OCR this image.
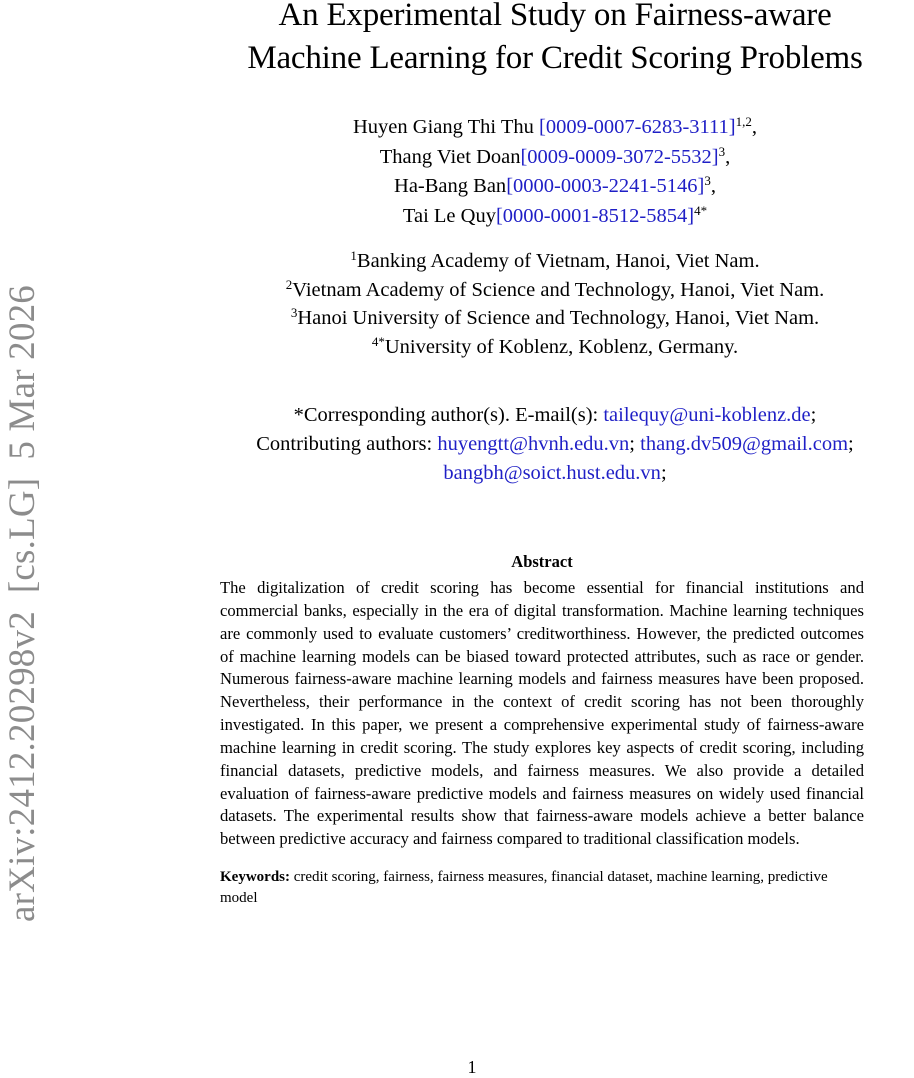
arXiv:2412.20298v2[cs.LG]5 Mar 2026
An Experimental Study on Fairness-aware
Machine Learning for Credit Scoring Problems
Huyen Giang Thi Thu $[0009-0007-6283-3111]^{1,2}$,
Thang Viet $Doan[0009-0009-3072-5532]^3$,
Ha-Bang $Ban[0000-0003-2241-5146]^3$,
Tai Le $Quy[0000-0001-8512-5854]^{4*}$
$^1$Banking Academy of Vietnam, Hanoi, Viet Nam.
$^2$Vietnam Academy of Science and Technology, Hanoi, Viet Nam.
$^3$Hanoi University of Science and Technology, Hanoi, Viet Nam.
$^{4*}$University of Koblenz, Koblenz, Germany.
*Corresponding author(s). E-mail(s): tailequy@uni-koblenz.de;
Contributing authors: huyengtt@hvnh.edu.vn; thang.dv509@gmail.com;
bangbh@soict.hust.edu.vn;
Abstract
The digitalization of credit scoring has become essential for financial institutions and commercial banks, especially in the era of digital transformation. Machine learning techniques are commonly used to evaluate customers’ creditworthiness. However, the predicted outcomes of machine learning models can be biased toward protected attributes, such as race or gender. Numerous fairness-aware machine learning models and fairness measures have been proposed. Nevertheless, their performance in the context of credit scoring has not been thoroughly investigated. In this paper, we present a comprehensive experimental study of fairness-aware machine learning in credit scoring. The study explores key aspects of credit scoring, including financial datasets, predictive models, and fairness measures. We also provide a detailed evaluation of fairness-aware predictive models and fairness measures on widely used financial datasets. The experimental results show that fairness-aware models achieve a better balance between predictive accuracy and fairness compared to traditional classification models.
Keywords: credit scoring, fairness, fairness measures, financial dataset, machine learning, predictive model
1
